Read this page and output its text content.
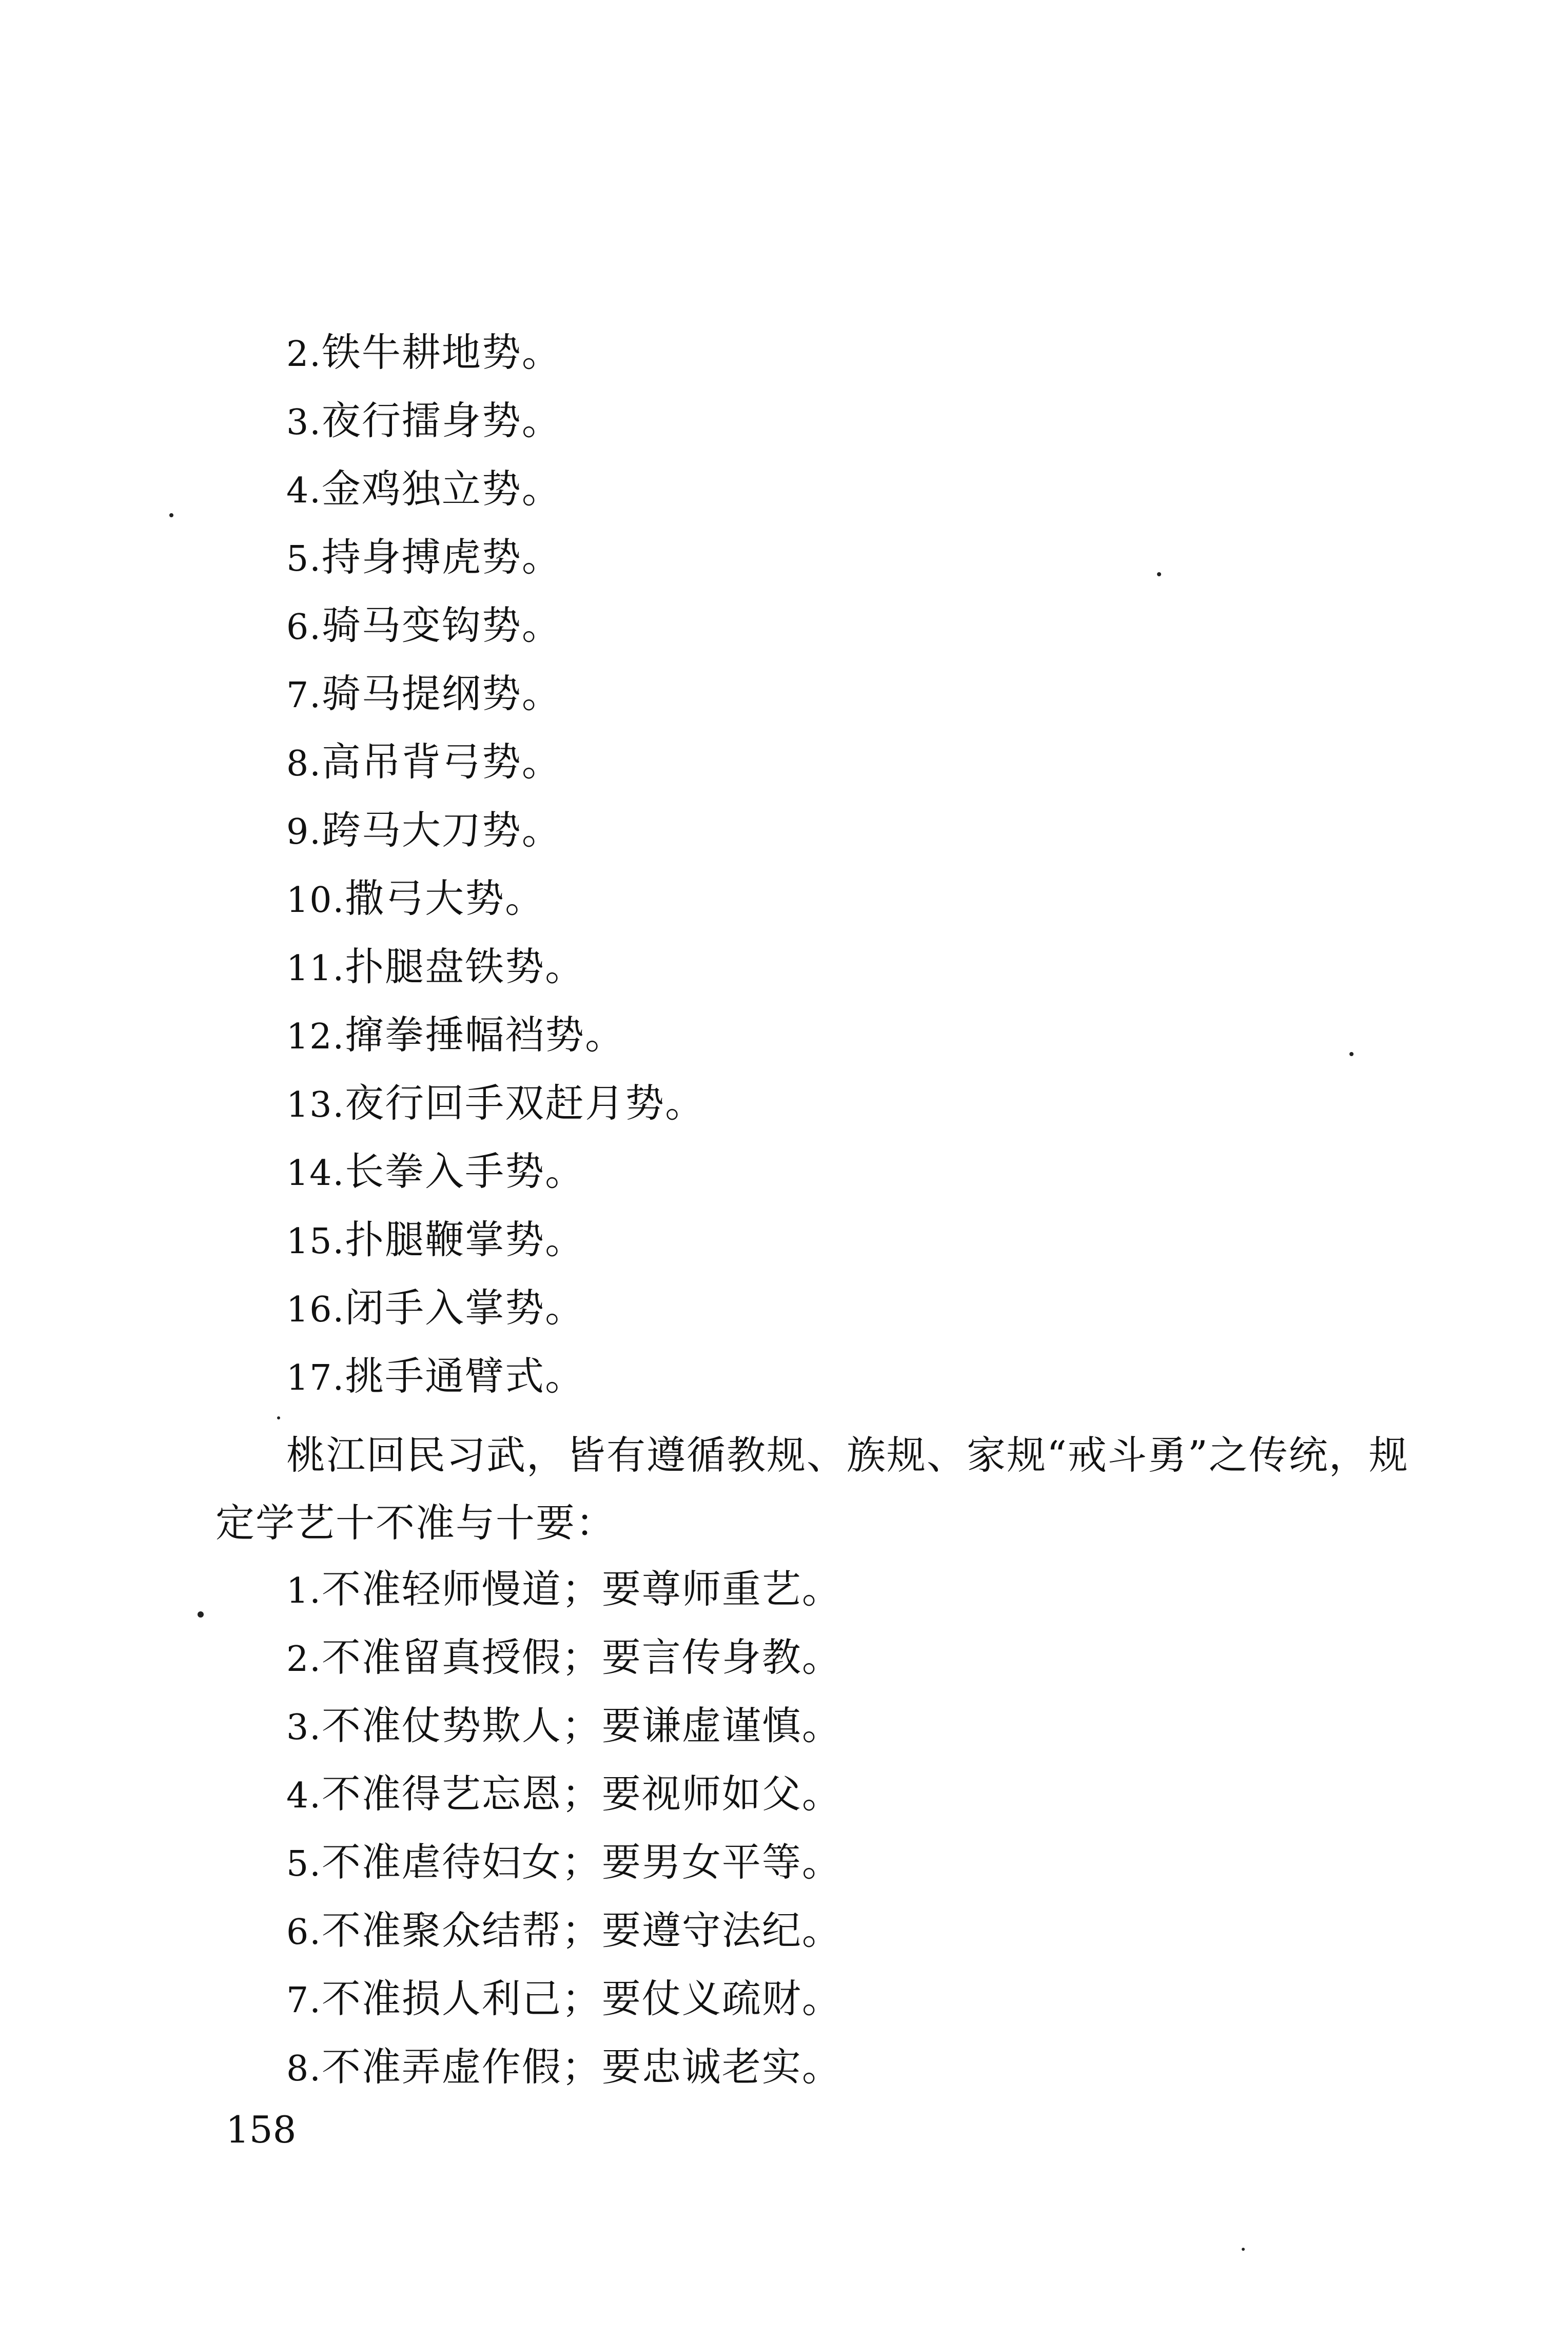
2.铁牛耕地势。
3.夜行擂身势。
4.金鸡独立势。
5.持身搏虎势。
6.骑马变钩势。
7.骑马提纲势。
8.高吊背弓势。
9.跨马大刀势。
10.撒弓大势。
11.扑腿盘铁势。
12.撺拳捶幅裆势。
13.夜行回手双赶月势。
14.长拳入手势。
15.扑腿鞭掌势。
16.闭手入掌势。
17.挑手通臂式。

桃江回民习武，皆有遵循教规、族规、家规“戒斗勇”之传统，规定学艺十不准与十要：

1.不准轻师慢道；要尊师重艺。
2.不准留真授假；要言传身教。
3.不准仗势欺人；要谦虚谨慎。
4.不准得艺忘恩；要视师如父。
5.不准虐待妇女；要男女平等。
6.不准聚众结帮；要遵守法纪。
7.不准损人利己；要仗义疏财。
8.不准弄虚作假；要忠诚老实。
158
